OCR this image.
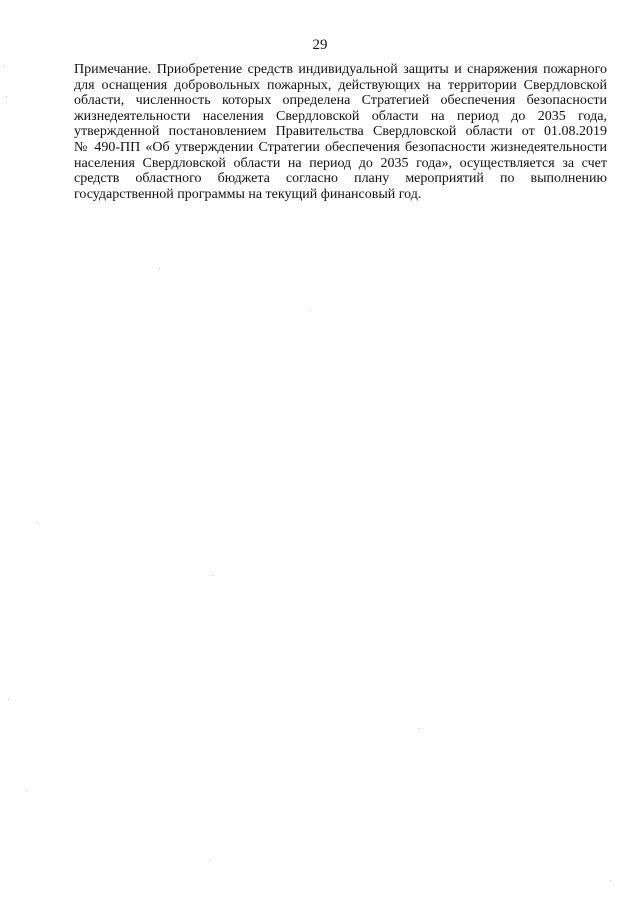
29

Примечание. Приобретение средств индивидуальной защиты и снаряжения пожарного
для оснащения добровольных пожарных, действующих на территории Свердловской
области, численность которых определена Стратегией обеспечения безопасности
жизнедеятельности населения Свердловской области на период до 2035 года,
утвержденной постановлением Правительства Свердловской области от 01.08.2019
№ 490-ПП «Об утверждении Стратегии обеспечения безопасности жизнедеятельности
населения Свердловской области на период до 2035 года», осуществляется за счет
средств областного бюджета согласно плану мероприятий по выполнению
государственной программы на текущий финансовый год.
